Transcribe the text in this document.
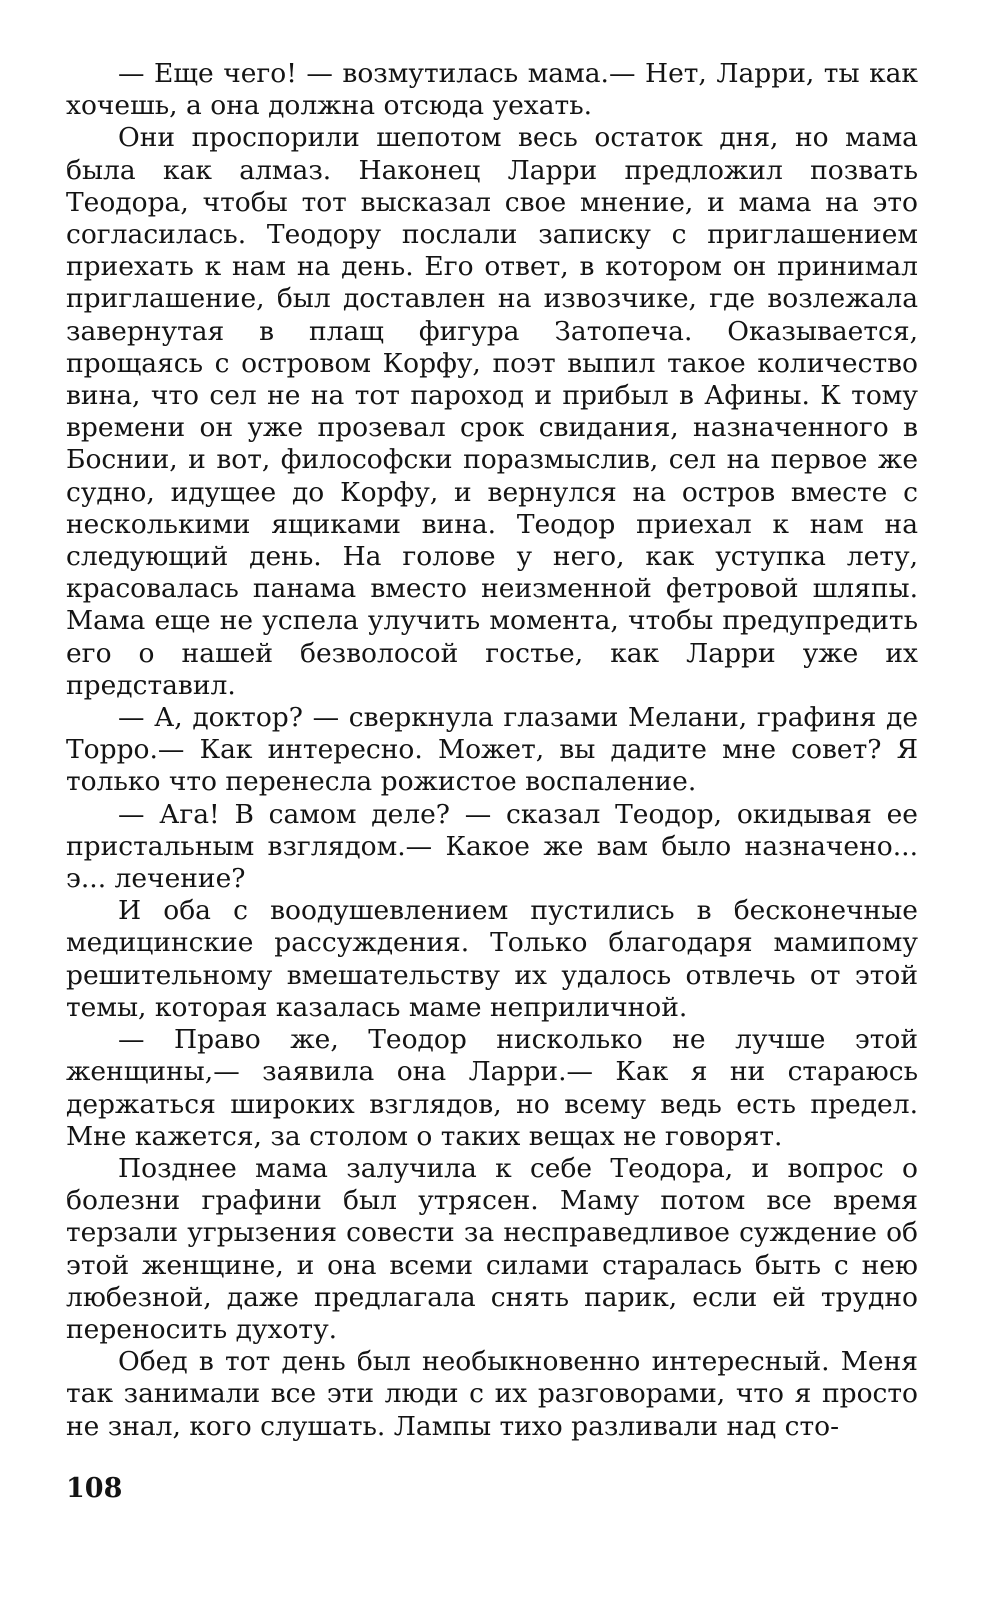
— Еще чего! — возмутилась мама.— Нет, Ларри, ты как хочешь, а она должна отсюда уехать.

Они проспорили шепотом весь остаток дня, но мама была как алмаз. Наконец Ларри предложил позвать Теодора, чтобы тот высказал свое мнение, и мама на это согласилась. Теодору послали записку с приглашением приехать к нам на день. Его ответ, в котором он принимал приглашение, был доставлен на извозчике, где возлежала завернутая в плащ фигура Затопеча. Оказывается, прощаясь с островом Корфу, поэт выпил такое количество вина, что сел не на тот пароход и прибыл в Афины. К тому времени он уже прозевал срок свидания, назначенного в Боснии, и вот, философски поразмыслив, сел на первое же судно, идущее до Корфу, и вернулся на остров вместе с несколькими ящиками вина. Теодор приехал к нам на следующий день. На голове у него, как уступка лету, красовалась панама вместо неизменной фетровой шляпы. Мама еще не успела улучить момента, чтобы предупредить его о нашей безволосой гостье, как Ларри уже их представил.

— А, доктор? — сверкнула глазами Мелани, графиня де Торро.— Как интересно. Может, вы дадите мне совет? Я только что перенесла рожистое воспаление.

— Ага! В самом деле? — сказал Теодор, окидывая ее пристальным взглядом.— Какое же вам было назначено... э... лечение?

И оба с воодушевлением пустились в бесконечные медицинские рассуждения. Только благодаря мамипому решительному вмешательству их удалось отвлечь от этой темы, которая казалась маме неприличной.

— Право же, Теодор нисколько не лучше этой женщины,— заявила она Ларри.— Как я ни стараюсь держаться широких взглядов, но всему ведь есть предел. Мне кажется, за столом о таких вещах не говорят.

Позднее мама залучила к себе Теодора, и вопрос о болезни графини был утрясен. Маму потом все время терзали угрызения совести за несправедливое суждение об этой женщине, и она всеми силами старалась быть с нею любезной, даже предлагала снять парик, если ей трудно переносить духоту.

Обед в тот день был необыкновенно интересный. Меня так занимали все эти люди с их разговорами, что я просто не знал, кого слушать. Лампы тихо разливали над сто-

108
